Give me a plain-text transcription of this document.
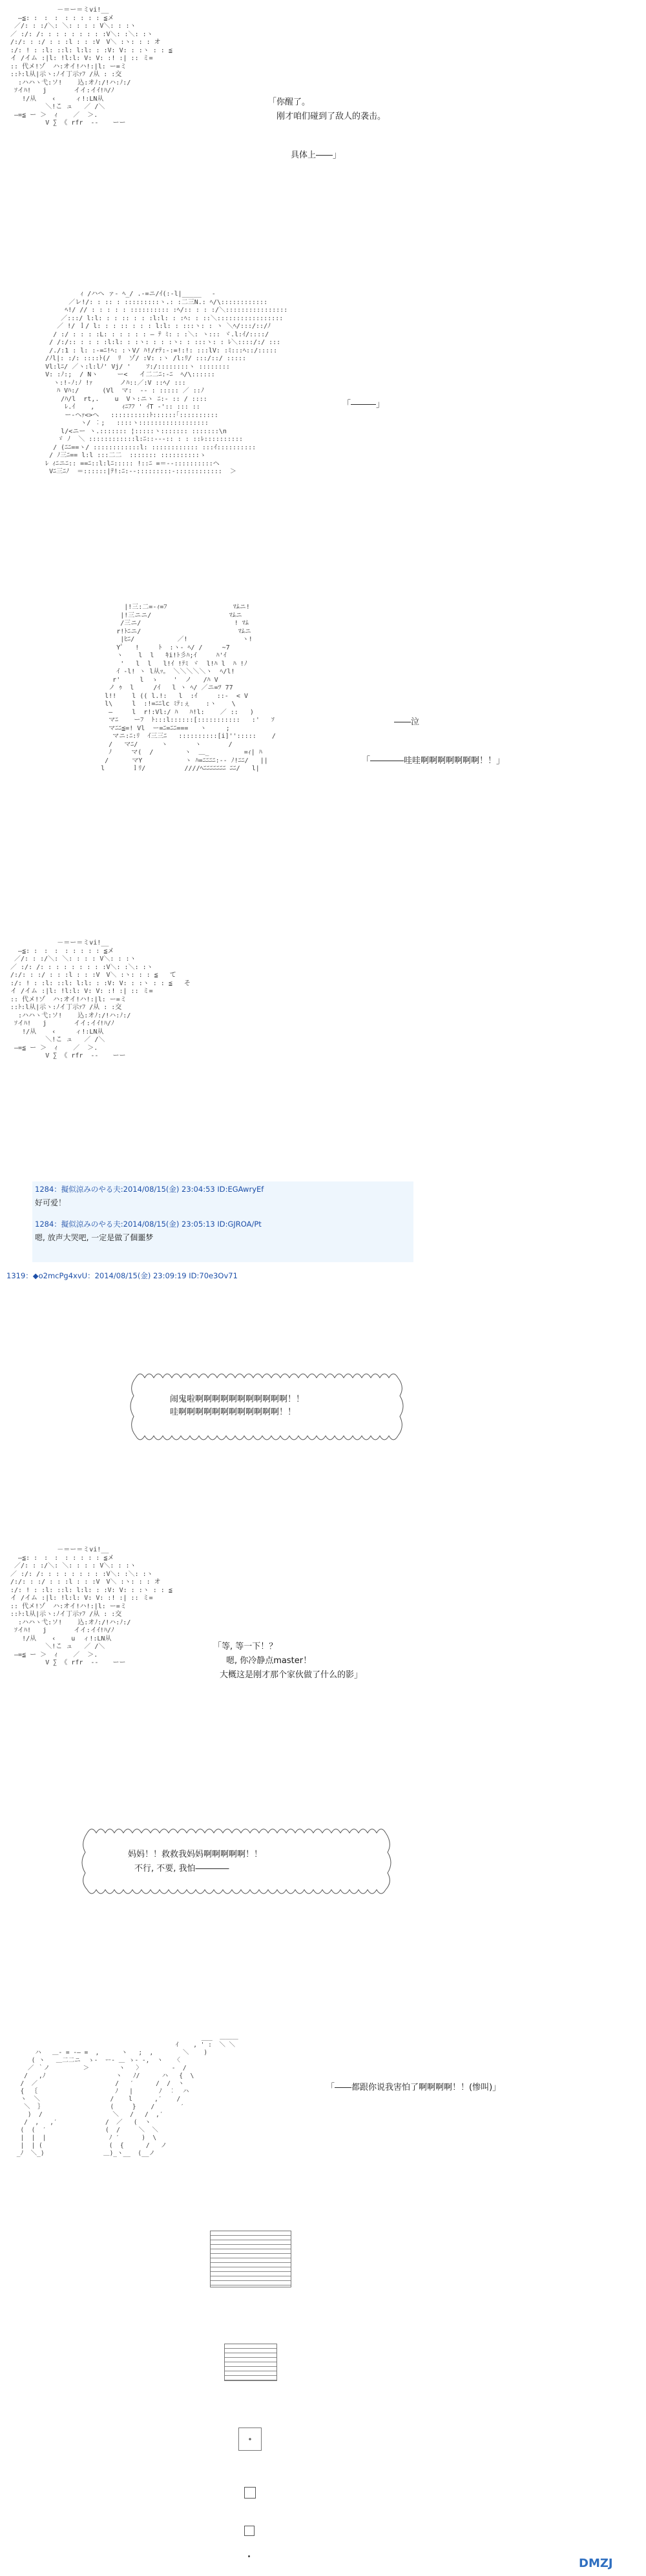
－＝ー＝ミvi!__
―≦: :　:　:　: : : : : ≦メ
／/: : :/＼: ＼: : : : V＼: : :ヽ
／ :/: /: : : : : : : : :V＼: :＼: :ヽ
/:/: : :/ : : :l : : :V　V＼ :ヽ: : : オ
:/: ! : :l: ::l: l:l: : :V: V: : :ヽ : : ≦
イ /イム :|l: !l:l: V: V: :! :| :: ミ=
:: 代メ!ゾ  ハ:オイ!ハ!:|l: ー=ミ
::ﾄ:l从|示ヽ:ﾉイ丁示ｧﾌ /从 : :交
:ハハヽ弋:ソ!    込:オﾉ:/!ハ:ﾉ:/
ｿイﾊ!   j       イイ:イｲ!ﾊ/ﾉ
!/从    ‹     ィ!:LN从
＼!こ ュ   ／ /＼
―=≦ ー ＞  ｨ    ／  ＞.
V ∑ 《 rfr  ‐‐ 　 ーー
「你醒了。
刚才咱们碰到了敌人的袭击。
具体上――」
ｨ /ハヘ ァ- ﾍ_/ .-=ニ/ｲ(:-l|_____ 　-
／レ!/: : :: : :::::::::ヽ.: :二三N.: ﾍ/\::::::::::::
ﾍ!/ // : : : : : :::::::::: :ﾍ/:: : : :/＼::::::::::::::::
／:::/ l:l: : : :: : : :l:l: : :ﾍ: : ::＼:::::::::::::::::
／ !/ ｌ/ l: : : :: : : : l:l: : :::ヽ: : ヽ ＼ﾍ/:::/::/ﾉ
/ :/ : : : :L: : : : : : ‒ ﾃ ﾐ: : :＼: ヽ::: ヾ.l:ｲ/::::/
/ /:/:: : : : :l:l: : :ヽ: : : :ヽ: : :::ヽ: : ﾚ＼::::/:/ :::
/./:1 : l: :-=ﾆ!ﾍ: :ヽV/ ﾊ!/rﾃ:-:=!:!: :::lV: :ﾐ:::ﾍ::/:::::
/ﾉl|: :/: ::::ﾄ(/  ﾘ  ゾ/ :V: :ヽ /l:ﾘ/ :::/::/ :::::
Vl:lﾆ/ ／ヽ:l:lﾉ' Vj/ '    ｿ:/::::::::ヽ ::::::::
V: :ﾉ:;  / Nヽ     ー<   イ二二ﾆ:-ﾆ  ﾍ/\::::::
ヽ:!-ﾉ:ﾉ !ｧ       ノﾊ::／:V ::ﾍ/ :::
ﾊ Vﾊ:/      (Vl  マ:  -‐ : ::::: ／ ::ﾉ
/ﾊ/l  rt,.    u  Vヽ:ニヽ ﾆ:‐ :: / ::::
ﾚ.ｲ    ,       ｨﾆﾌﾌ ' ｲT ‐':: ::: ::
ー‐ヘｧ<>へ   ::::::::::ﾄ::::::｢::::::::::
ヽ/ ︰;   ::::ヽ::::::::::::::::::
l/<ニー ヽ.::::::: ¦:::::ヽ::::::: :::::::\n
ゞ ﾉ  ＼ ::::::::::::l:ﾆ::-‐-:: : : ::ﾚ::::::::::
/ (ﾆﾆ==ヽ/ ::::::::::::l: :::::::::::: :::ｲ::::::::::
/ ﾉ三ﾆ== l:l :::二二  ::::::: ::::::::::ゝ
ﾚ ｨﾆニﾆ:: ==ﾆ::l:lﾆ::::: !::ﾆ =＝--::::::::::ヘ
Vﾆ三ﾆﾉ  ＝::::::|ﾃ!:ﾆ:-‐:::::::::-::::::::::::  ＞
「―――」
|!三:二=-ｨ=ﾌ                 ﾏﾑニ!
|!三ニニ/                    ﾏﾑニ
/三ニ/                        ! ﾏﾑ
r!ﾄﾆニ/                         ﾏﾑニ
|ﾋﾆ/           ／!              ヽ!
Yﾟ   !     ﾄ  :ヽ- ﾍ/ /     ~7
ヽ    l  l   ｷi!ﾄ彡ﾊ;ｲ     ﾊ'ｲ
'   l  l   l!ｲ !ﾃﾐ ヾ  l!ﾊ l  ﾊ !ﾉ
ｲ ‐l! ヽ l从ｯ。 ＼＼＼＼＼ヽ  ﾍ/l!
r'     l  ゝ    '  ノ   /ﾊ V
ノ ｩ  l     /ｲ   l ヽ ﾍ/ ／ニ=ﾂ 77
l!!    l (( l.!:   l  :ｲ     ::‐  < V
l\     l  :!=ﾆﾆlc ﾐﾃ:ぇ    :ヽ    \
‒     l  r!:Vl:/ ﾊ   ﾊ!l:    ／ ::   )
マﾆ    ーﾌ  ﾄ:::l::::::[:::::::::::   :'   ｿ
マﾆﾆ≦=! Vl  ー=ﾆ=ﾆﾆ===   ヽ     ;
マニ:ﾆ:ﾘ  ｲ三三ﾆ   ::::::::::[i]'':::::    /
/   マﾆ/      ヽ       ヽ       /
ﾉ     マ(  /        ヽ  ＿_         =ｨ| ﾊ
/      マY           ヽ ﾊ=ﾆﾆﾆﾆ:-‐ ﾉ!ﾆﾆ/   ||
l       ｌﾘ/          ////ﾍﾆﾆﾆﾆﾆﾆﾆ ﾆﾆ/   l|
――泣
「――――哇哇啊啊啊啊啊啊啊！！」
－＝ー＝ミvi!__
―≦: :　:　:　: : : : : ≦メ
／/: : :/＼: ＼: : : : V＼: : :ヽ
／ :/: /: : : : : : : : :V＼: :＼: :ヽ
/:/: : :/ : : :l : : :V　V＼ :ヽ: : : ≦   て
:/: ! : :l: ::l: l:l: : :V: V: : :ヽ : : ≦   そ
イ /イム :|l: !l:l: V: V: :! :| :: ミ=
:: 代メ!ゾ  ハ:オイ!ハ!:|l: ー=ミ
::ﾄ:l从|示ヽ:ﾉイ丁示ｧﾌ /从 : :交
:ハハヽ弋:ソ!    込:オﾉ:/!ハ:ﾉ:/
ｿイﾊ!   j       イイ:イｲ!ﾊ/ﾉ
!/从    ‹     ィ!:LN从
＼!こ ュ   ／ /＼
―=≦ ー ＞  ｨ    ／  ＞.
V ∑ 《 rfr  ‐‐ 　 ーー
1284：擬似涼みのやる夫:2014/08/15(金) 23:04:53 ID:EGAwryEf
好可爱！
1284：擬似涼みのやる夫:2014/08/15(金) 23:05:13 ID:GJROA/Pt
嗯, 放声大哭吧, 一定是做了個噩梦
1319：◆o2mcPg4xvU：2014/08/15(金) 23:09:19 ID:70e3Ov71
闹鬼啦啊啊啊啊啊啊啊啊啊啊啊！！
哇啊啊啊啊啊啊啊啊啊啊啊啊！！
－＝ー＝ミvi!__
―≦: :　:　:　: : : : : ≦メ
／/: : :/＼: ＼: : : : V＼: : :ヽ
／ :/: /: : : : : : : : :V＼: :＼: :ヽ
/:/: : :/ : : :l : : :V　V＼ :ヽ: : : オ
:/: ! : :l: ::l: l:l: : :V: V: : :ヽ : : ≦
イ /イム :|l: !l:l: V: V: :! :| :: ミ=
:: 代メ!ゾ  ハ:オイ!ハ!:|l: ー=ミ
::ﾄ:l从|示ヽ:ﾉイ丁示ｧﾌ /从 : :交
:ハハヽ弋:ソ!    込:オﾉ:/!ハ:ﾉ:/
ｿイﾊ!   j       イイ:イｲ!ﾊ/ﾉ
!/从    ‹    u  ィ!:LN从
＼!こ ュ   ／ /＼
―=≦ ー ＞  ｨ    ／  ＞.
V ∑ 《 rfr  ‐‐ 　 ーー
「等, 等一下！？
嗯, 你冷静点master！
大概这是刚才那个家伙做了什么的影」
妈妈！！救救我妈妈啊啊啊啊啊！！
不行, 不要, 我怕――――
___  ＿＿＿
ｲ    , ' :  ＼ ＼
ハ   ＿- = -― =  ,      ヽ   ;  ,        ＼    )
( ヽ   ＿二二ニ  ゝ‐  ー- ＿ ゝ‐ -,  ヽ   〈
／ ｀ノ         ＞        ヽ   〉        ‐  /
/   ,ﾉ                   ヽ   ﾉ/      ハ   {  \
/  ／                     /   ′      /  /  ヽ
{  ｛                     ﾉ   |       ﾉ  ︰  ハ
ヽ  ＼                   /    l      ,′    /
＼  ｝                  (     }    /       ′
)  /                   ＼   /   /  ,′
/  ,   ,′             /  ／   (  ヽ
(  (  ′                (  /     ＼  ＼
|  |  |                 ﾉ ′      )  \
|  | (                  (  {      /   ノ
_ﾉ  ＼_)                ＿)_ヽ__  (__ノ
「――都跟你说我害怕了啊啊啊啊！！(惨叫)」
DMZJ
